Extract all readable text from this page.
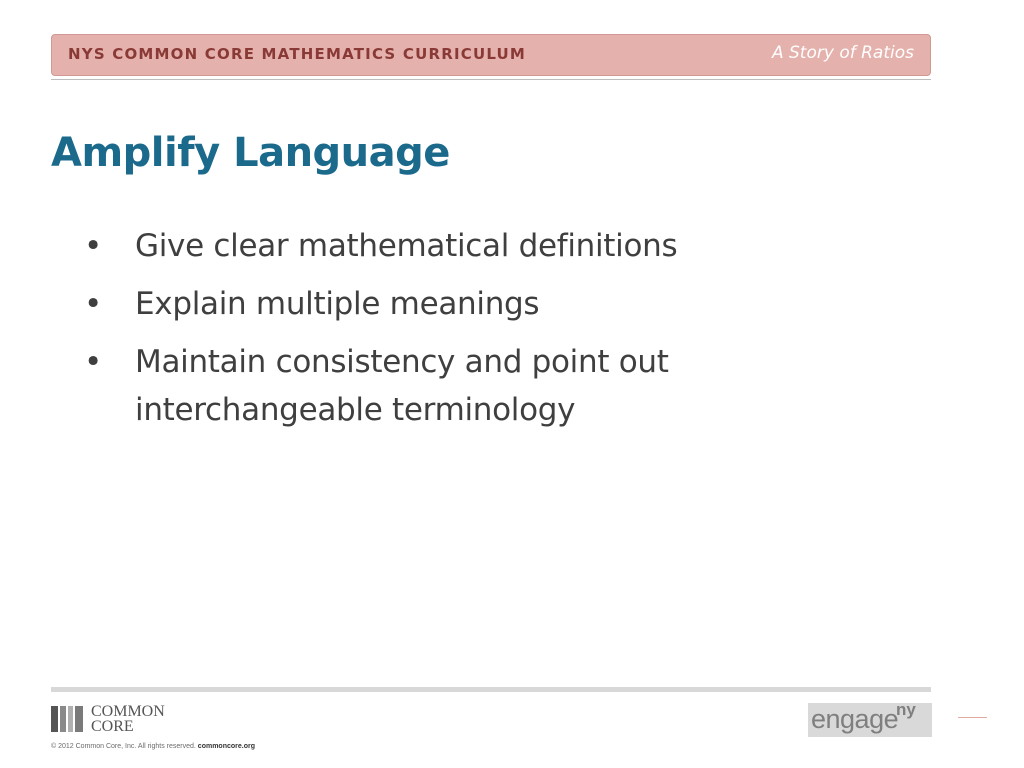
NYS COMMON CORE MATHEMATICS CURRICULUM	A Story of Ratios
Amplify Language
• Give clear mathematical definitions
• Explain multiple meanings
• Maintain consistency and point out interchangeable terminology
COMMON
CORE
© 2012 Common Core, Inc. All rights reserved. commoncore.org
engage
ny
